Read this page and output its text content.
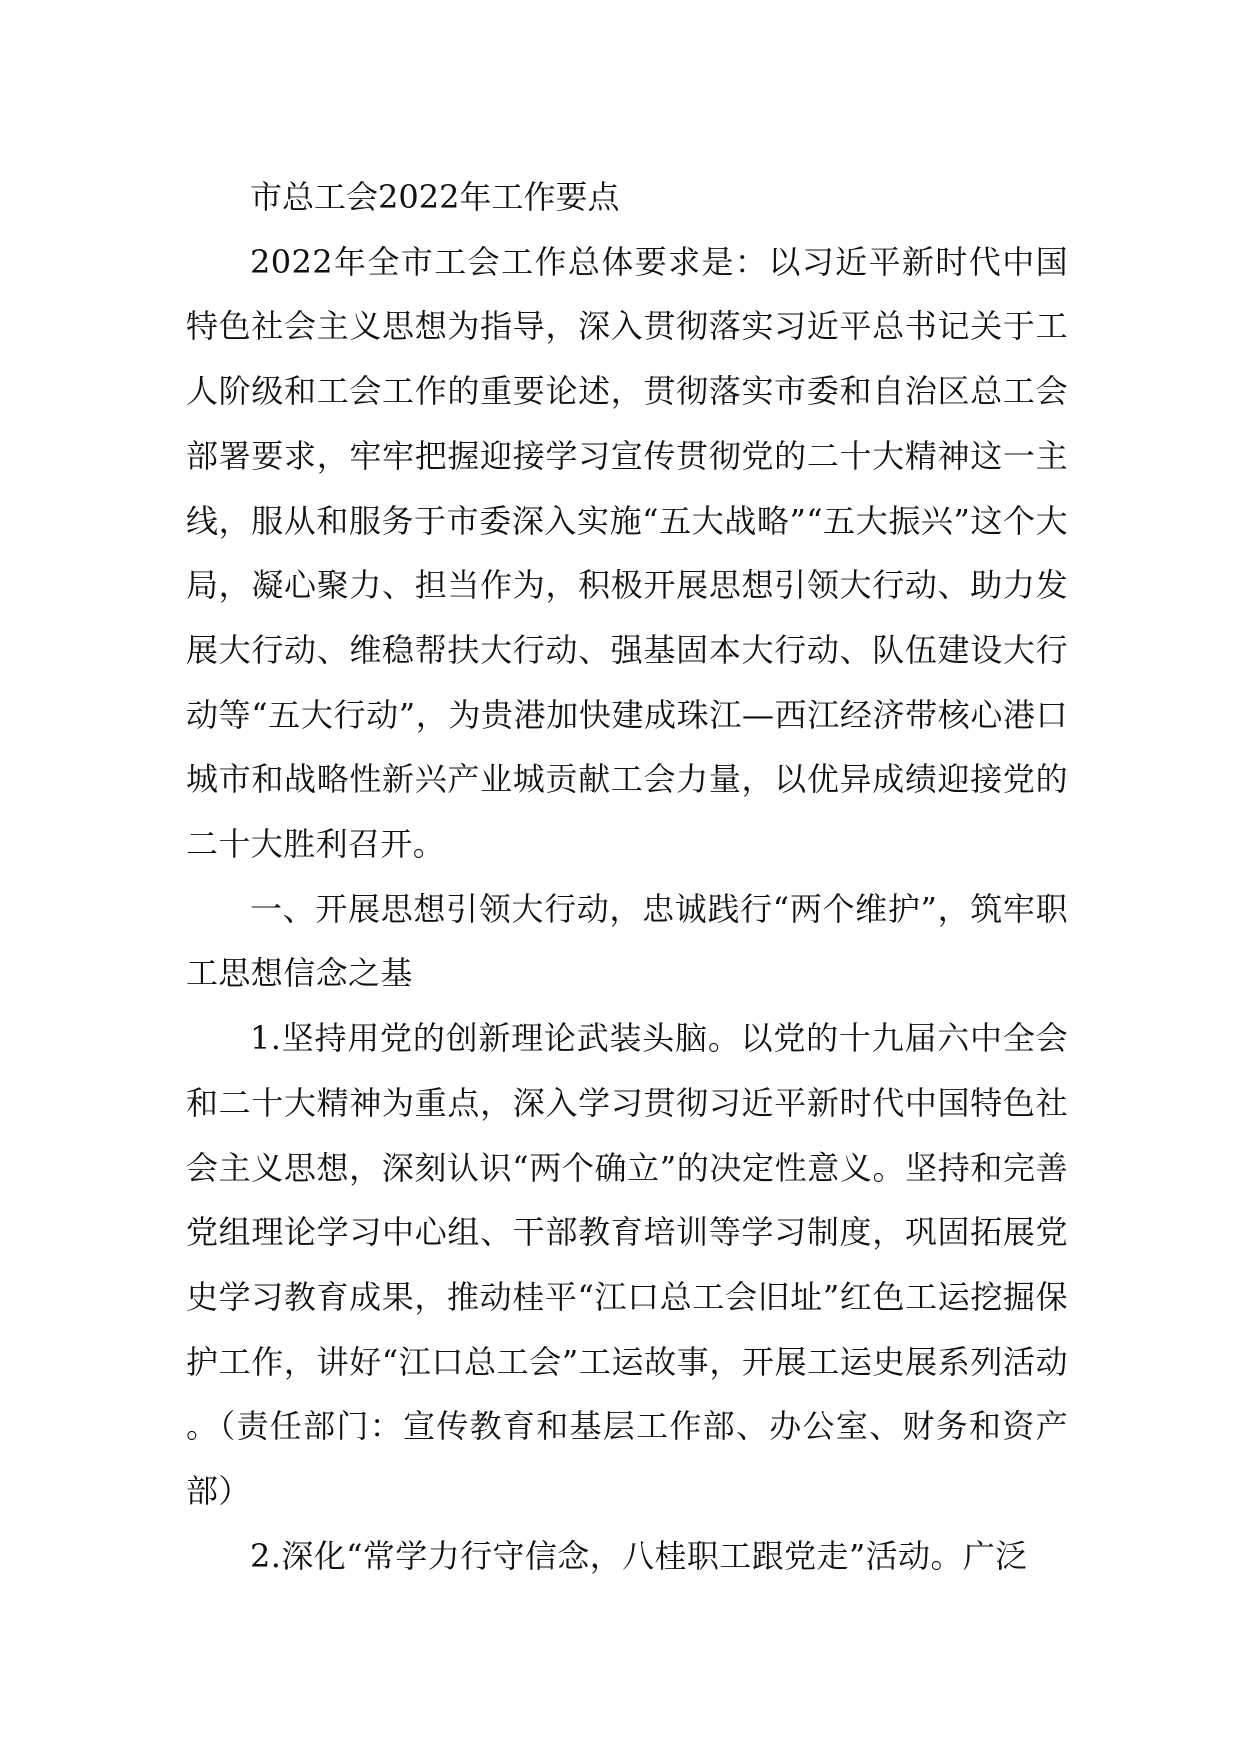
市总工会2022年工作要点

2022年全市工会工作总体要求是：以习近平新时代中国特色社会主义思想为指导，深入贯彻落实习近平总书记关于工人阶级和工会工作的重要论述，贯彻落实市委和自治区总工会部署要求，牢牢把握迎接学习宣传贯彻党的二十大精神这一主线，服从和服务于市委深入实施“五大战略”“五大振兴”这个大局，凝心聚力、担当作为，积极开展思想引领大行动、助力发展大行动、维稳帮扶大行动、强基固本大行动、队伍建设大行动等“五大行动”，为贵港加快建成珠江—西江经济带核心港口城市和战略性新兴产业城贡献工会力量，以优异成绩迎接党的二十大胜利召开。

一、开展思想引领大行动，忠诚践行“两个维护”，筑牢职工思想信念之基

1.坚持用党的创新理论武装头脑。以党的十九届六中全会和二十大精神为重点，深入学习贯彻习近平新时代中国特色社会主义思想，深刻认识“两个确立”的决定性意义。坚持和完善党组理论学习中心组、干部教育培训等学习制度，巩固拓展党史学习教育成果，推动桂平“江口总工会旧址”红色工运挖掘保护工作，讲好“江口总工会”工运故事，开展工运史展系列活动。（责任部门：宣传教育和基层工作部、办公室、财务和资产部）

2.深化“常学力行守信念，八桂职工跟党走”活动。广泛
